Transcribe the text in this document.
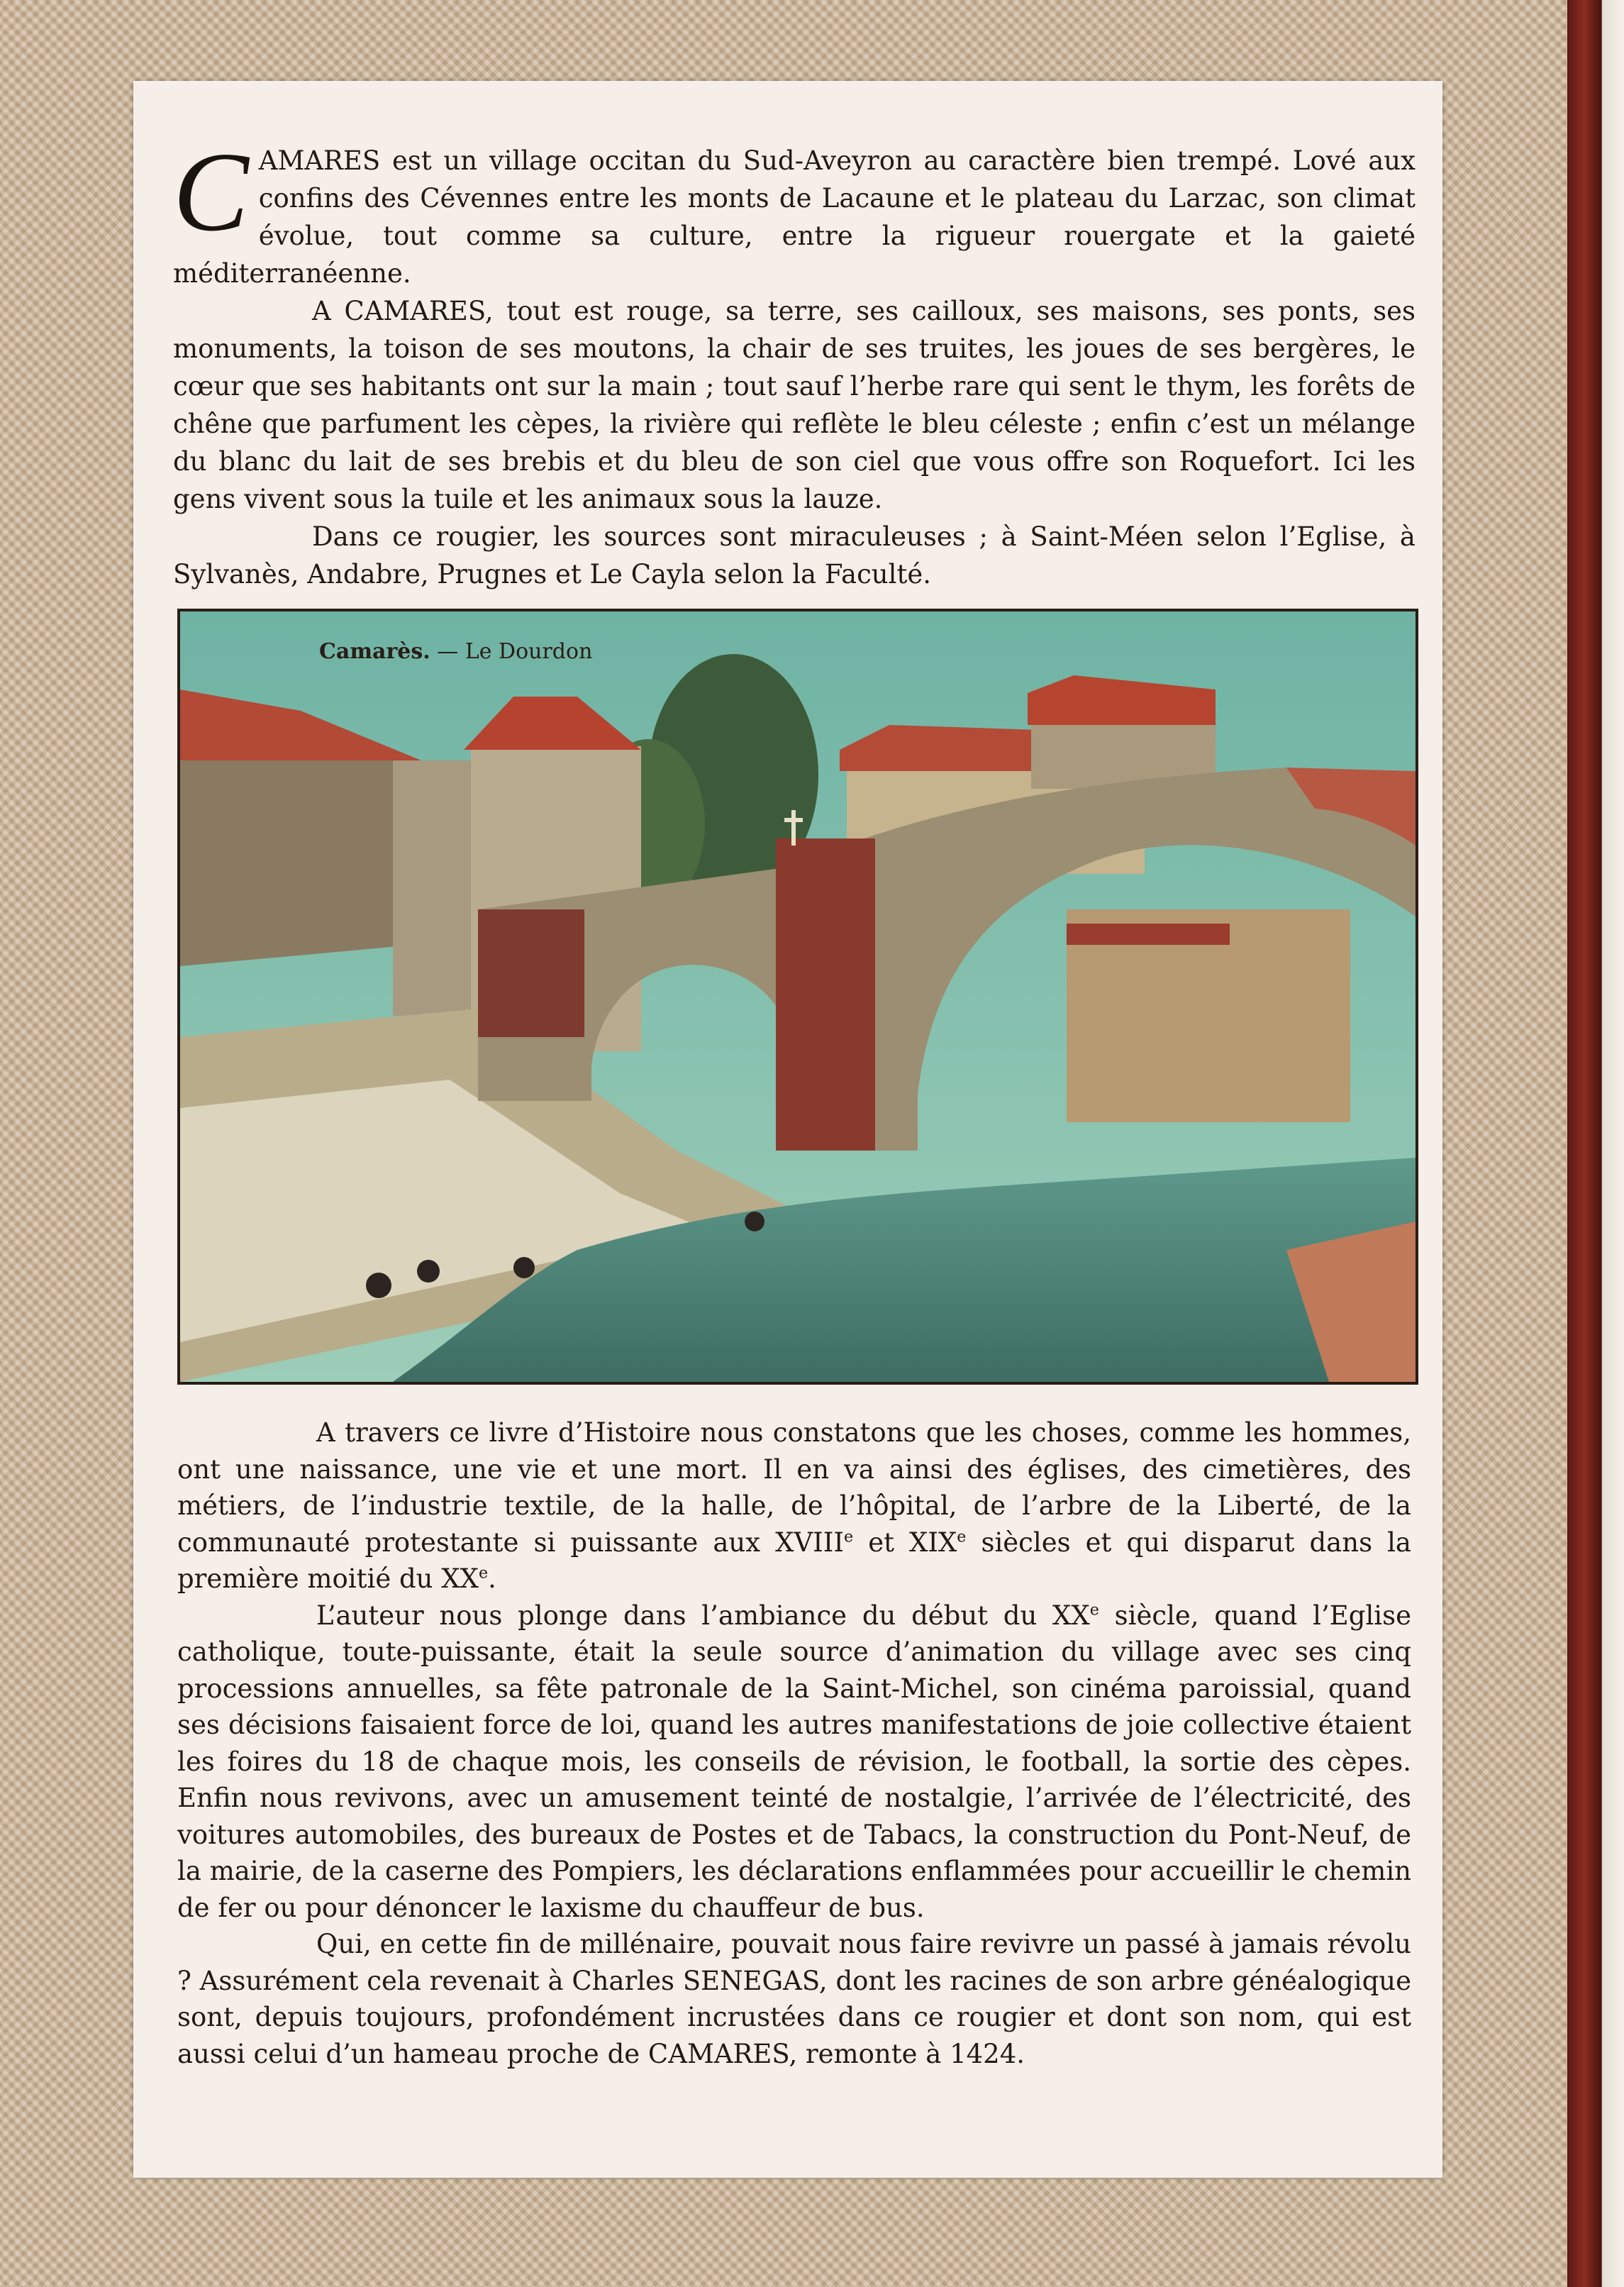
CAMARES est un village occitan du Sud-Aveyron au caractère bien trempé. Lové aux confins des Cévennes entre les monts de Lacaune et le plateau du Larzac, son climat évolue, tout comme sa culture, entre la rigueur rouergate et la gaieté méditerranéenne.

A CAMARES, tout est rouge, sa terre, ses cailloux, ses maisons, ses ponts, ses monuments, la toison de ses moutons, la chair de ses truites, les joues de ses bergères, le cœur que ses habitants ont sur la main ; tout sauf l’herbe rare qui sent le thym, les forêts de chêne que parfument les cèpes, la rivière qui reflète le bleu céleste ; enfin c’est un mélange du blanc du lait de ses brebis et du bleu de son ciel que vous offre son Roquefort. Ici les gens vivent sous la tuile et les animaux sous la lauze.

Dans ce rougier, les sources sont miraculeuses ; à Saint-Méen selon l’Eglise, à Sylvanès, Andabre, Prugnes et Le Cayla selon la Faculté.

Camarès. — Le Dourdon

A travers ce livre d’Histoire nous constatons que les choses, comme les hommes, ont une naissance, une vie et une mort. Il en va ainsi des églises, des cimetières, des métiers, de l’industrie textile, de la halle, de l’hôpital, de l’arbre de la Liberté, de la communauté protestante si puissante aux XVIIIe et XIXe siècles et qui disparut dans la première moitié du XXe.

L’auteur nous plonge dans l’ambiance du début du XXe siècle, quand l’Eglise catholique, toute-puissante, était la seule source d’animation du village avec ses cinq processions annuelles, sa fête patronale de la Saint-Michel, son cinéma paroissial, quand ses décisions faisaient force de loi, quand les autres manifestations de joie collective étaient les foires du 18 de chaque mois, les conseils de révision, le football, la sortie des cèpes. Enfin nous revivons, avec un amusement teinté de nostalgie, l’arrivée de l’électricité, des voitures automobiles, des bureaux de Postes et de Tabacs, la construction du Pont-Neuf, de la mairie, de la caserne des Pompiers, les déclarations enflammées pour accueillir le chemin de fer ou pour dénoncer le laxisme du chauffeur de bus.

Qui, en cette fin de millénaire, pouvait nous faire revivre un passé à jamais révolu ? Assurément cela revenait à Charles SENEGAS, dont les racines de son arbre généalogique sont, depuis toujours, profondément incrustées dans ce rougier et dont son nom, qui est aussi celui d’un hameau proche de CAMARES, remonte à 1424.
